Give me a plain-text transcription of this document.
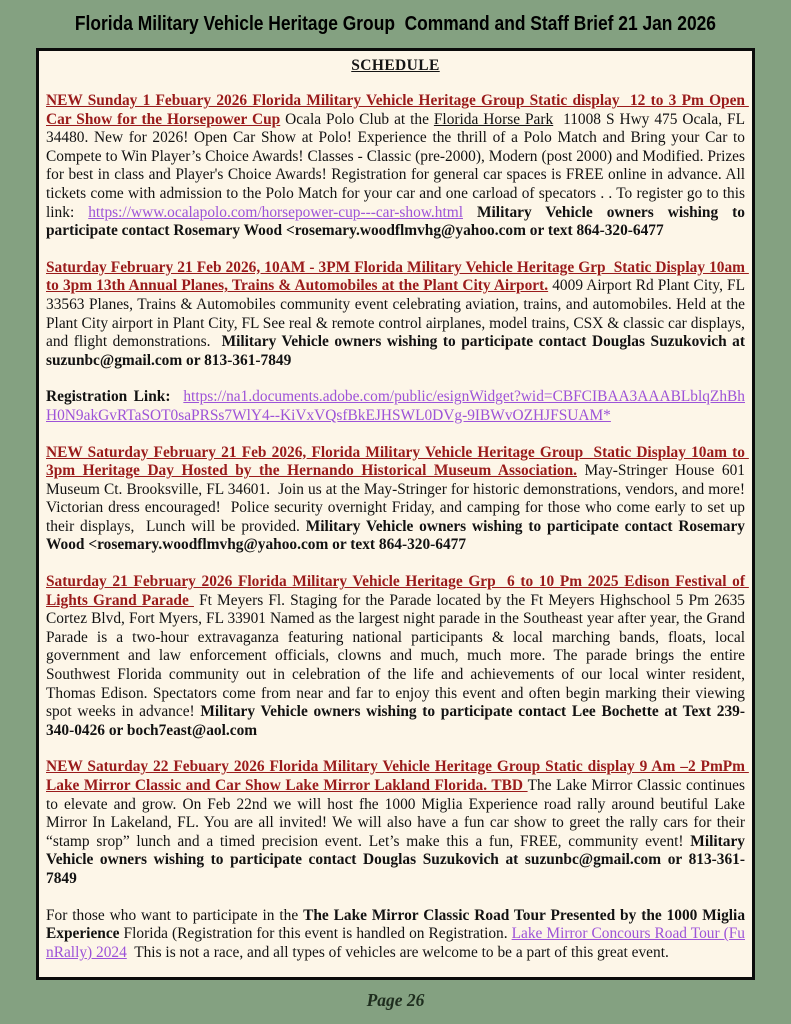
Florida Military Vehicle Heritage Group  Command and Staff Brief 21 Jan 2026
SCHEDULE

NEW Sunday 1 Febuary 2026 Florida Military Vehicle Heritage Group Static display  12 to 3 Pm Open Car Show for the Horsepower Cup Ocala Polo Club at the Florida Horse Park  11008 S Hwy 475 Ocala, FL 34480. New for 2026! Open Car Show at Polo! Experience the thrill of a Polo Match and Bring your Car to Compete to Win Player’s Choice Awards! Classes - Classic (pre-2000), Modern (post 2000) and Modified. Prizes for best in class and Player's Choice Awards! Registration for general car spaces is FREE online in advance. All tickets come with admission to the Polo Match for your car and one carload of specators . . To register go to this link: https://www.ocalapolo.com/horsepower-cup---car-show.html Military Vehicle owners wishing to participate contact Rosemary Wood <rosemary.woodflmvhg@yahoo.com or text 864-320-6477

Saturday February 21 Feb 2026, 10AM - 3PM Florida Military Vehicle Heritage Grp  Static Display 10am to 3pm 13th Annual Planes, Trains & Automobiles at the Plant City Airport. 4009 Airport Rd Plant City, FL 33563 Planes, Trains & Automobiles community event celebrating aviation, trains, and automobiles. Held at the Plant City airport in Plant City, FL See real & remote control airplanes, model trains, CSX & classic car displays, and flight demonstrations.  Military Vehicle owners wishing to participate contact Douglas Suzukovich at suzunbc@gmail.com or 813-361-7849

Registration Link:  https://na1.documents.adobe.com/public/esignWidget?wid=CBFCIBAA3AAABLblqZhBhH0N9akGvRTaSOT0saPRSs7WlY4--KiVxVQsfBkEJHSWL0DVg-9IBWvOZHJFSUAM*

NEW Saturday February 21 Feb 2026, Florida Military Vehicle Heritage Group  Static Display 10am to 3pm Heritage Day Hosted by the Hernando Historical Museum Association. May-Stringer House 601 Museum Ct. Brooksville, FL 34601.  Join us at the May-Stringer for historic demonstrations, vendors, and more! Victorian dress encouraged!  Police security overnight Friday, and camping for those who come early to set up their displays,  Lunch will be provided. Military Vehicle owners wishing to participate contact Rosemary Wood <rosemary.woodflmvhg@yahoo.com or text 864-320-6477

Saturday 21 February 2026 Florida Military Vehicle Heritage Grp  6 to 10 Pm 2025 Edison Festival of Lights Grand Parade  Ft Meyers Fl. Staging for the Parade located by the Ft Meyers Highschool 5 Pm 2635 Cortez Blvd, Fort Myers, FL 33901 Named as the largest night parade in the Southeast year after year, the Grand Parade is a two-hour extravaganza featuring national participants & local marching bands, floats, local government and law enforcement officials, clowns and much, much more. The parade brings the entire Southwest Florida community out in celebration of the life and achievements of our local winter resident, Thomas Edison. Spectators come from near and far to enjoy this event and often begin marking their viewing spot weeks in advance! Military Vehicle owners wishing to participate contact Lee Bochette at Text 239-340-0426 or boch7east@aol.com

NEW Saturday 22 Febuary 2026 Florida Military Vehicle Heritage Group Static display 9 Am –2 PmPm Lake Mirror Classic and Car Show Lake Mirror Lakland Florida. TBD The Lake Mirror Classic continues to elevate and grow. On Feb 22nd we will host fhe 1000 Miglia Experience road rally around beutiful Lake Mirror In Lakeland, FL. You are all invited! We will also have a fun car show to greet the rally cars for their “stamp srop” lunch and a timed precision event. Let’s make this a fun, FREE, community event! Military Vehicle owners wishing to participate contact Douglas Suzukovich at suzunbc@gmail.com or 813-361-7849

For those who want to participate in the The Lake Mirror Classic Road Tour Presented by the 1000 Miglia Experience Florida (Registration for this event is handled on Registration. Lake Mirror Concours Road Tour (FunRally) 2024  This is not a race, and all types of vehicles are welcome to be a part of this great event.

Page 26
